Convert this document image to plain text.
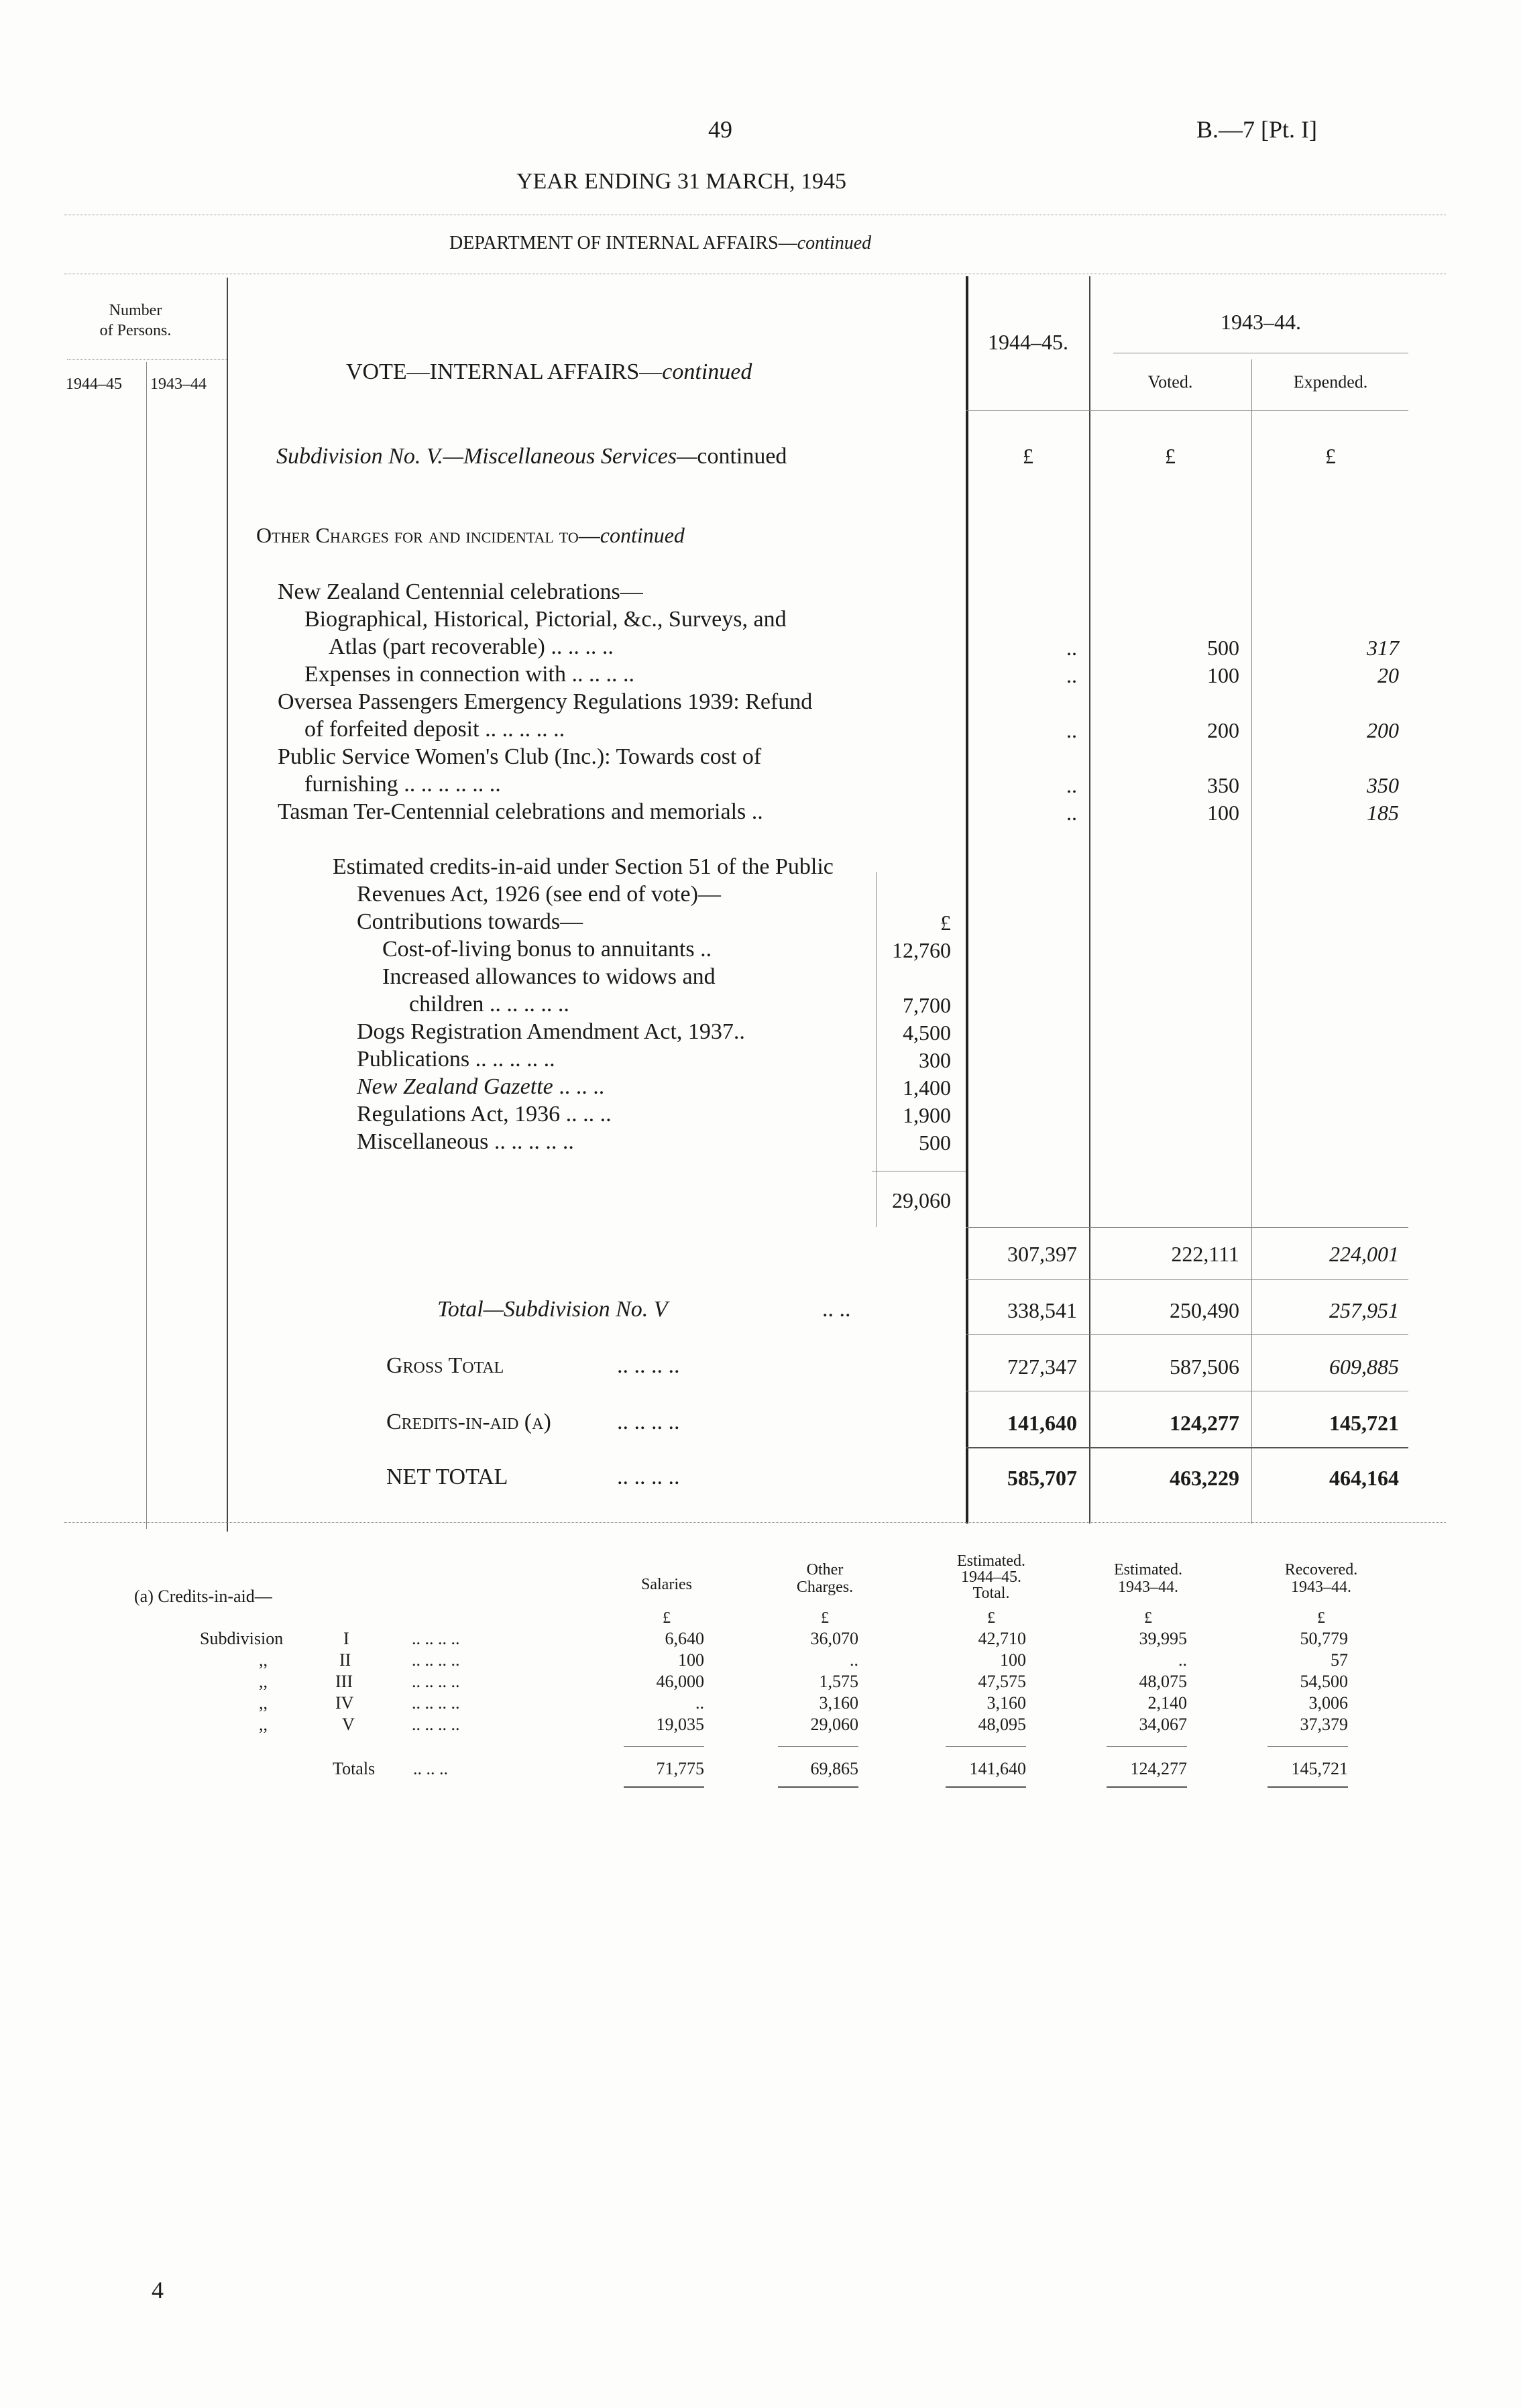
49	B.—7 [Pt. I]
YEAR ENDING 31 MARCH, 1945
DEPARTMENT OF INTERNAL AFFAIRS—continued
Number
of Persons.
1944–45 1943–44	VOTE—INTERNAL AFFAIRS—continued
1944–45.
1943–44.
Voted.	Expended.
Subdivision No. V.—Miscellaneous Services—continued	£	£	£
Other Charges for and incidental to—continued
New Zealand Centennial celebrations—
Biographical, Historical, Pictorial, &c., Surveys, and
Atlas (part recoverable) .. .. .. ..	..	500	317
Expenses in connection with .. .. .. ..	..	100	20
Oversea Passengers Emergency Regulations 1939: Refund
of forfeited deposit .. .. .. .. ..	..	200	200
Public Service Women's Club (Inc.): Towards cost of
furnishing .. .. .. .. .. ..	..	350	350
Tasman Ter-Centennial celebrations and memorials ..	..	100	185
Estimated credits-in-aid under Section 51 of the Public
Revenues Act, 1926 (see end of vote)—
Contributions towards—	£
Cost-of-living bonus to annuitants ..	12,760
Increased allowances to widows and
children .. .. .. .. ..	7,700
Dogs Registration Amendment Act, 1937..	4,500
Publications .. .. .. .. ..	300
New Zealand Gazette .. .. ..	1,400
Regulations Act, 1936 .. .. ..	1,900
Miscellaneous .. .. .. .. ..	500
29,060
307,397	222,111	224,001
Total—Subdivision No. V	.. ..	338,541	250,490	257,951
Gross Total	.. .. .. ..	727,347	587,506	609,885
Credits-in-aid (a)	.. .. .. ..	141,640	124,277	145,721
NET TOTAL	.. .. .. ..	585,707	463,229	464,164
(a) Credits-in-aid—
Salaries
Other
Charges.
Estimated.
1944–45.
Total.
Estimated.
1943–44.
Recovered.
1943–44.
£	£	£	£	£
Subdivision	I	.. .. .. ..	6,640	36,070	42,710	39,995	50,779
,,	II	.. .. .. ..	100	..	100	..	57
,,	III	.. .. .. ..	46,000	1,575	47,575	48,075	54,500
,,	IV	.. .. .. ..	..	3,160	3,160	2,140	3,006
,,	V	.. .. .. ..	19,035	29,060	48,095	34,067	37,379
Totals .. .. ..	71,775	69,865	141,640	124,277	145,721
4
